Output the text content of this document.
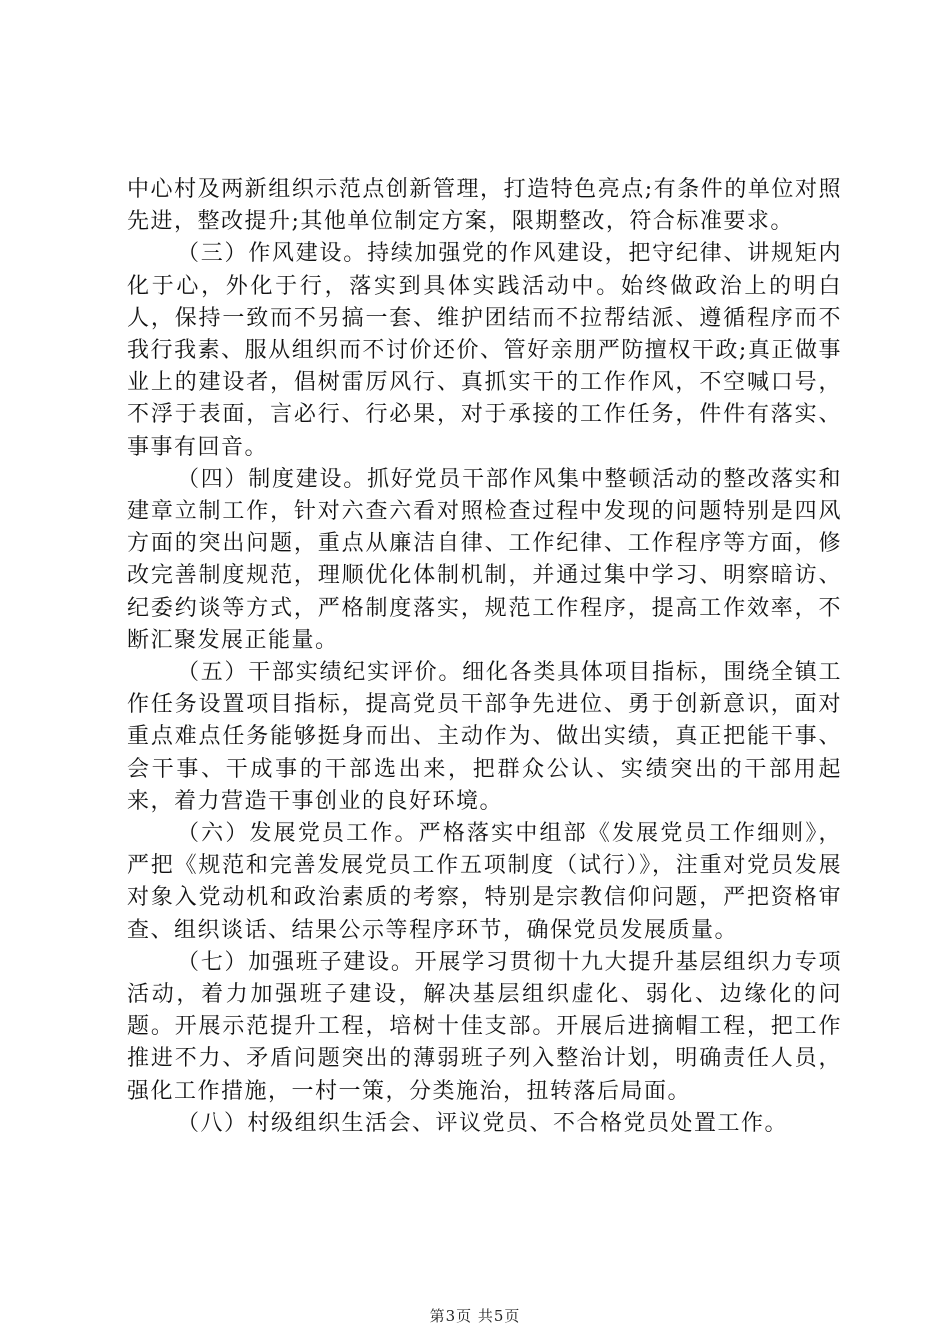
中心村及两新组织示范点创新管理，打造特色亮点;有条件的单位对照先进，整改提升;其他单位制定方案，限期整改，符合标准要求。

（三）作风建设。持续加强党的作风建设，把守纪律、讲规矩内化于心，外化于行，落实到具体实践活动中。始终做政治上的明白人，保持一致而不另搞一套、维护团结而不拉帮结派、遵循程序而不我行我素、服从组织而不讨价还价、管好亲朋严防擅权干政;真正做事业上的建设者，倡树雷厉风行、真抓实干的工作作风，不空喊口号，不浮于表面，言必行、行必果，对于承接的工作任务，件件有落实、事事有回音。

（四）制度建设。抓好党员干部作风集中整顿活动的整改落实和建章立制工作，针对六查六看对照检查过程中发现的问题特别是四风方面的突出问题，重点从廉洁自律、工作纪律、工作程序等方面，修改完善制度规范，理顺优化体制机制，并通过集中学习、明察暗访、纪委约谈等方式，严格制度落实，规范工作程序，提高工作效率，不断汇聚发展正能量。

（五）干部实绩纪实评价。细化各类具体项目指标，围绕全镇工作任务设置项目指标，提高党员干部争先进位、勇于创新意识，面对重点难点任务能够挺身而出、主动作为、做出实绩，真正把能干事、会干事、干成事的干部选出来，把群众公认、实绩突出的干部用起来，着力营造干事创业的良好环境。

（六）发展党员工作。严格落实中组部《发展党员工作细则》，严把《规范和完善发展党员工作五项制度（试行）》，注重对党员发展对象入党动机和政治素质的考察，特别是宗教信仰问题，严把资格审查、组织谈话、结果公示等程序环节，确保党员发展质量。

（七）加强班子建设。开展学习贯彻十九大提升基层组织力专项活动，着力加强班子建设，解决基层组织虚化、弱化、边缘化的问题。开展示范提升工程，培树十佳支部。开展后进摘帽工程，把工作推进不力、矛盾问题突出的薄弱班子列入整治计划，明确责任人员，强化工作措施，一村一策，分类施治，扭转落后局面。

（八）村级组织生活会、评议党员、不合格党员处置工作。

第3页 共5页
